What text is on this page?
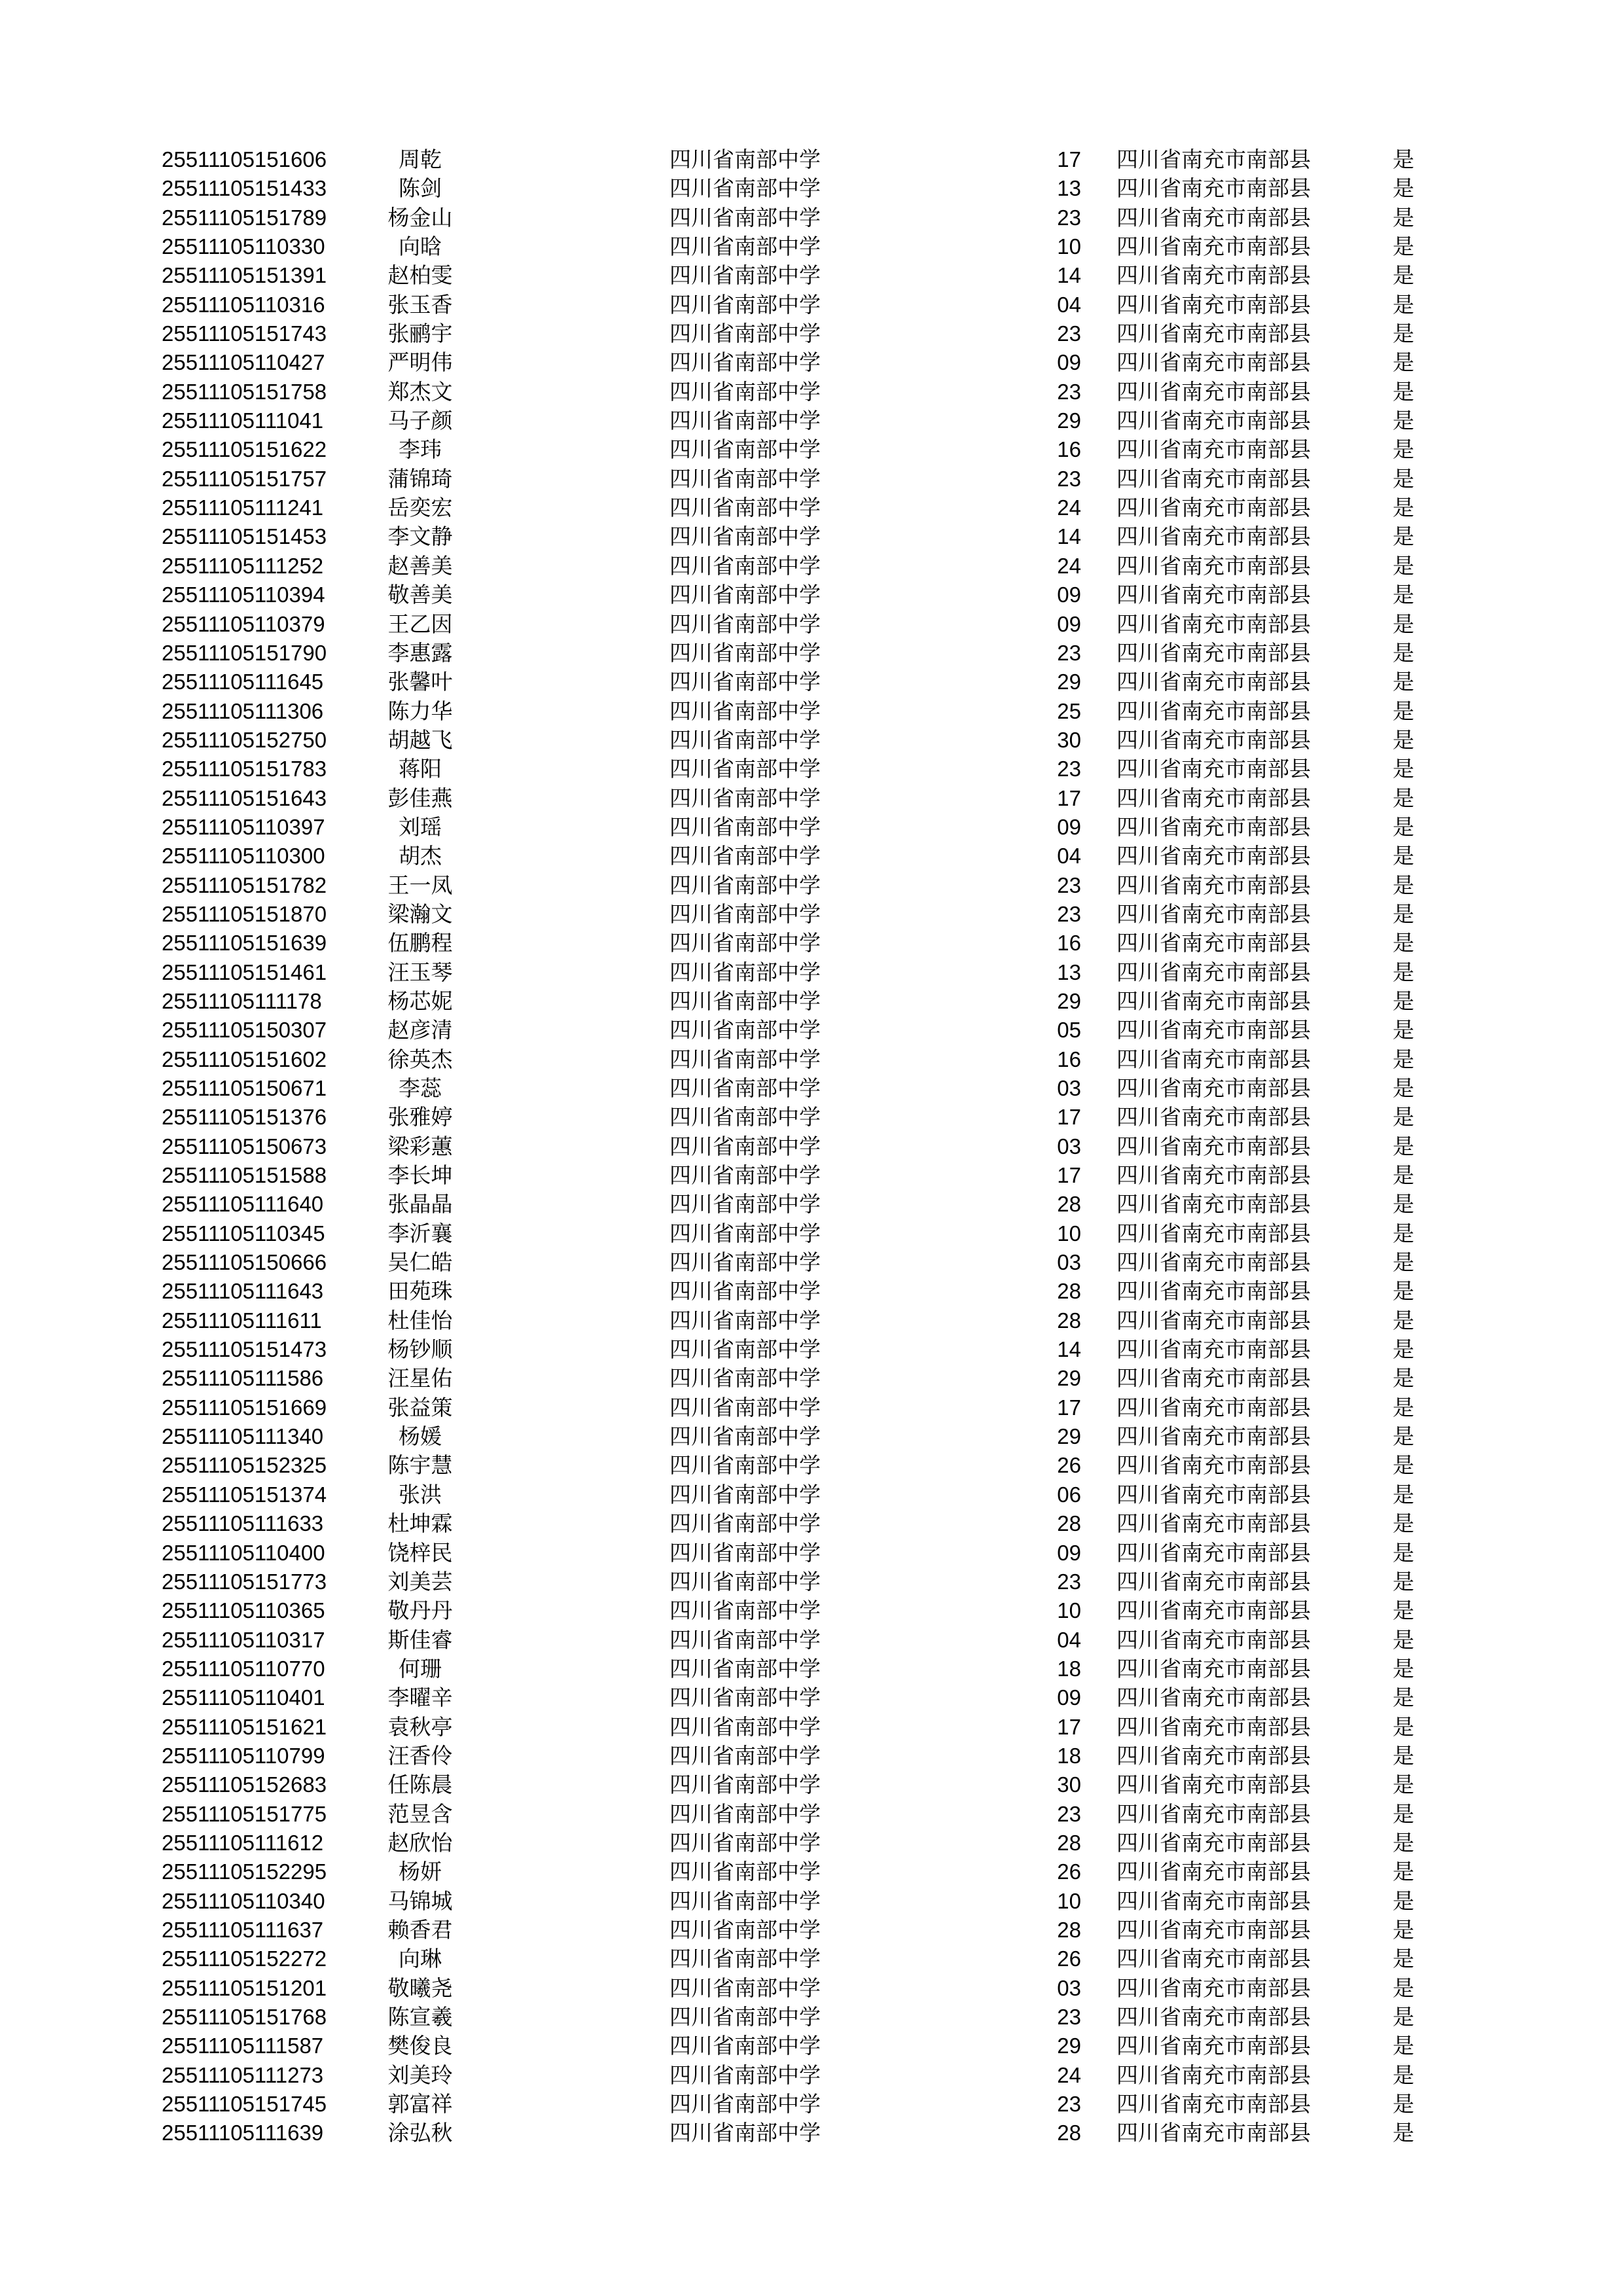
25511105151606	周乾	四川省南部中学	17 四川省南充市南部县	是
25511105151433	陈剑	四川省南部中学	13 四川省南充市南部县	是
25511105151789	杨金山	四川省南部中学	23 四川省南充市南部县	是
25511105110330	向晗	四川省南部中学	10 四川省南充市南部县	是
25511105151391	赵柏雯	四川省南部中学	14 四川省南充市南部县	是
25511105110316	张玉香	四川省南部中学	04 四川省南充市南部县	是
25511105151743	张鹂宇	四川省南部中学	23 四川省南充市南部县	是
25511105110427	严明伟	四川省南部中学	09 四川省南充市南部县	是
25511105151758	郑杰文	四川省南部中学	23 四川省南充市南部县	是
25511105111041	马子颜	四川省南部中学	29 四川省南充市南部县	是
25511105151622	李玮	四川省南部中学	16 四川省南充市南部县	是
25511105151757	蒲锦琦	四川省南部中学	23 四川省南充市南部县	是
25511105111241	岳奕宏	四川省南部中学	24 四川省南充市南部县	是
25511105151453	李文静	四川省南部中学	14 四川省南充市南部县	是
25511105111252	赵善美	四川省南部中学	24 四川省南充市南部县	是
25511105110394	敬善美	四川省南部中学	09 四川省南充市南部县	是
25511105110379	王乙因	四川省南部中学	09 四川省南充市南部县	是
25511105151790	李惠露	四川省南部中学	23 四川省南充市南部县	是
25511105111645	张馨叶	四川省南部中学	29 四川省南充市南部县	是
25511105111306	陈力华	四川省南部中学	25 四川省南充市南部县	是
25511105152750	胡越飞	四川省南部中学	30 四川省南充市南部县	是
25511105151783	蒋阳	四川省南部中学	23 四川省南充市南部县	是
25511105151643	彭佳燕	四川省南部中学	17 四川省南充市南部县	是
25511105110397	刘瑶	四川省南部中学	09 四川省南充市南部县	是
25511105110300	胡杰	四川省南部中学	04 四川省南充市南部县	是
25511105151782	王一凤	四川省南部中学	23 四川省南充市南部县	是
25511105151870	梁瀚文	四川省南部中学	23 四川省南充市南部县	是
25511105151639	伍鹏程	四川省南部中学	16 四川省南充市南部县	是
25511105151461	汪玉琴	四川省南部中学	13 四川省南充市南部县	是
25511105111178	杨芯妮	四川省南部中学	29 四川省南充市南部县	是
25511105150307	赵彦清	四川省南部中学	05 四川省南充市南部县	是
25511105151602	徐英杰	四川省南部中学	16 四川省南充市南部县	是
25511105150671	李蕊	四川省南部中学	03 四川省南充市南部县	是
25511105151376	张雅婷	四川省南部中学	17 四川省南充市南部县	是
25511105150673	梁彩蕙	四川省南部中学	03 四川省南充市南部县	是
25511105151588	李长坤	四川省南部中学	17 四川省南充市南部县	是
25511105111640	张晶晶	四川省南部中学	28 四川省南充市南部县	是
25511105110345	李沂襄	四川省南部中学	10 四川省南充市南部县	是
25511105150666	吴仁皓	四川省南部中学	03 四川省南充市南部县	是
25511105111643	田苑珠	四川省南部中学	28 四川省南充市南部县	是
25511105111611	杜佳怡	四川省南部中学	28 四川省南充市南部县	是
25511105151473	杨钞顺	四川省南部中学	14 四川省南充市南部县	是
25511105111586	汪星佑	四川省南部中学	29 四川省南充市南部县	是
25511105151669	张益策	四川省南部中学	17 四川省南充市南部县	是
25511105111340	杨媛	四川省南部中学	29 四川省南充市南部县	是
25511105152325	陈宇慧	四川省南部中学	26 四川省南充市南部县	是
25511105151374	张洪	四川省南部中学	06 四川省南充市南部县	是
25511105111633	杜坤霖	四川省南部中学	28 四川省南充市南部县	是
25511105110400	饶梓民	四川省南部中学	09 四川省南充市南部县	是
25511105151773	刘美芸	四川省南部中学	23 四川省南充市南部县	是
25511105110365	敬丹丹	四川省南部中学	10 四川省南充市南部县	是
25511105110317	斯佳睿	四川省南部中学	04 四川省南充市南部县	是
25511105110770	何珊	四川省南部中学	18 四川省南充市南部县	是
25511105110401	李曜辛	四川省南部中学	09 四川省南充市南部县	是
25511105151621	袁秋亭	四川省南部中学	17 四川省南充市南部县	是
25511105110799	汪香伶	四川省南部中学	18 四川省南充市南部县	是
25511105152683	任陈晨	四川省南部中学	30 四川省南充市南部县	是
25511105151775	范昱含	四川省南部中学	23 四川省南充市南部县	是
25511105111612	赵欣怡	四川省南部中学	28 四川省南充市南部县	是
25511105152295	杨妍	四川省南部中学	26 四川省南充市南部县	是
25511105110340	马锦城	四川省南部中学	10 四川省南充市南部县	是
25511105111637	赖香君	四川省南部中学	28 四川省南充市南部县	是
25511105152272	向琳	四川省南部中学	26 四川省南充市南部县	是
25511105151201	敬曦尧	四川省南部中学	03 四川省南充市南部县	是
25511105151768	陈宣羲	四川省南部中学	23 四川省南充市南部县	是
25511105111587	樊俊良	四川省南部中学	29 四川省南充市南部县	是
25511105111273	刘美玲	四川省南部中学	24 四川省南充市南部县	是
25511105151745	郭富祥	四川省南部中学	23 四川省南充市南部县	是
25511105111639	涂弘秋	四川省南部中学	28 四川省南充市南部县	是
